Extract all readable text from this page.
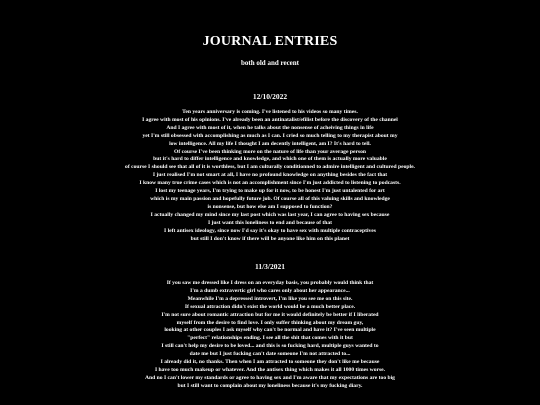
JOURNAL ENTRIES
both old and recent
12/10/2022
Ten years anniversary is coming. I've listened to his videos so many times.
I agree with most of his opinions. I've already been an antinatalist/efilist before the discovery of the channel
And I agree with most of it, when he talks about the nonsense of acheiving things in life
yet I'm still obsessed with accomplishing as much as I can. I cried so much telling to my therapist about my
low intelligence. All my life I thought I am decently intelligent, am I? It's hard to tell.
Of course I've been thinking more on the nature of life than your average person
but it's hard to differ intelligence and knowledge, and which one of them is actually more valuable
of course I should see that all of it is worthless, but I am culturally conditionned to admire intelligent and cultured people.
I just realised I'm not smart at all, I have no profound knowledge on anything besides the fact that
I know many true crime cases which is not an accomplishment since I'm just addicted to listening to podcasts.
I lost my teenage years, I'm trying to make up for it now, to be honest I'm just untalented for art
which is my main passion and hopefully future job. Of course all of this valuing skills and knowledge
is nonsense, but how else am I supposed to function?
I actually changed my mind since my last post which was last year, I can agree to having sex because
I just want this loneliness to end and because of that
I left antisex ideology, since now I'd say it's okay to have sex with multiple contraceptives
but still I don't know if there will be anyone like him on this planet
11/3/2021
If you saw me dressed like I dress on an everyday basis, you probably would think that
I'm a dumb extravertic girl who cares only about her appearance...
Meanwhile I'm a depressed introvert, I'm like you see me on this site.
If sexual attraction didn't exist the world would be a much better place.
I'm not sure about romantic attraction but for me it would definitely be better if I liberated
myself from the desire to find love. I only suffer thinking about my dream guy,
looking at other couples I ask myself why can't be normal and have it? I've seen multiple
"perfect" relationships ending. I see all the shit that comes with it but
I still can't help my desire to be loved... and this is so fucking hard, multiple guys wanted to
date me but I just fucking can't date someone I'm not attracted to...
I already did it, no thanks. Then when I am attracted to someone they don't like me because
I have too much makeup or whatever. And the antisex thing which makes it all 1000 times worse.
And no I can't lower my standards or agree to having sex and I'm aware that my expectations are too big
but I still want to complain about my loneliness because it's my fucking diary.
